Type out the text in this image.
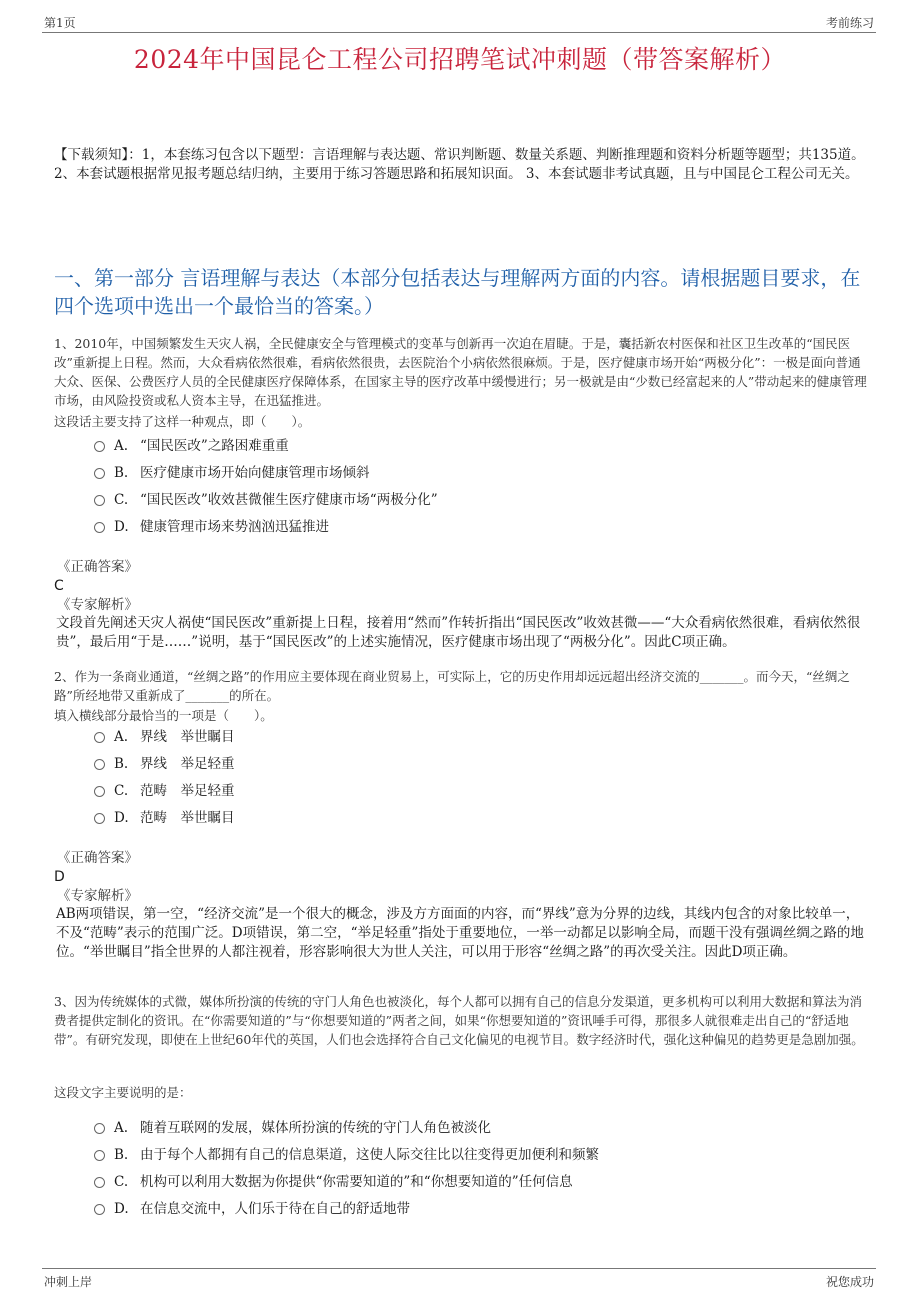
第1页	考前练习
2024年中国昆仑工程公司招聘笔试冲刺题（带答案解析）
【下载须知】：1，本套练习包含以下题型：言语理解与表达题、常识判断题、数量关系题、判断推理题和资料分析题等题型；共135道。 2、本套试题根据常见报考题总结归纳，主要用于练习答题思路和拓展知识面。 3、本套试题非考试真题，且与中国昆仑工程公司无关。
一、第一部分 言语理解与表达（本部分包括表达与理解两方面的内容。请根据题目要求，在四个选项中选出一个最恰当的答案。）
1、2010年，中国频繁发生天灾人祸，全民健康安全与管理模式的变革与创新再一次迫在眉睫。于是，囊括新农村医保和社区卫生改革的“国民医改”重新提上日程。然而，大众看病依然很难，看病依然很贵，去医院治个小病依然很麻烦。于是，医疗健康市场开始“两极分化”：一极是面向普通大众、医保、公费医疗人员的全民健康医疗保障体系，在国家主导的医疗改革中缓慢进行；另一极就是由“少数已经富起来的人”带动起来的健康管理市场，由风险投资或私人资本主导，在迅猛推进。
这段话主要支持了这样一种观点，即（　　）。
A. “国民医改”之路困难重重
B. 医疗健康市场开始向健康管理市场倾斜
C. “国民医改”收效甚微催生医疗健康市场“两极分化”
D. 健康管理市场来势汹汹迅猛推进
《正确答案》
C
《专家解析》
文段首先阐述天灾人祸使“国民医改”重新提上日程，接着用“然而”作转折指出“国民医改”收效甚微——“大众看病依然很难，看病依然很贵”，最后用“于是……”说明，基于“国民医改”的上述实施情况，医疗健康市场出现了“两极分化”。因此C项正确。
2、作为一条商业通道，“丝绸之路”的作用应主要体现在商业贸易上，可实际上，它的历史作用却远远超出经济交流的_______。而今天，“丝绸之路”所经地带又重新成了_______的所在。
填入横线部分最恰当的一项是（　　）。
A. 界线　举世瞩目
B. 界线　举足轻重
C. 范畴　举足轻重
D. 范畴　举世瞩目
《正确答案》
D
《专家解析》
AB两项错误，第一空，“经济交流”是一个很大的概念，涉及方方面面的内容，而“界线”意为分界的边线，其线内包含的对象比较单一，不及“范畴”表示的范围广泛。D项错误，第二空，“举足轻重”指处于重要地位，一举一动都足以影响全局，而题干没有强调丝绸之路的地位。“举世瞩目”指全世界的人都注视着，形容影响很大为世人关注，可以用于形容“丝绸之路”的再次受关注。因此D项正确。
3、因为传统媒体的式微，媒体所扮演的传统的守门人角色也被淡化，每个人都可以拥有自己的信息分发渠道，更多机构可以利用大数据和算法为消费者提供定制化的资讯。在“你需要知道的”与“你想要知道的”两者之间，如果“你想要知道的”资讯唾手可得，那很多人就很难走出自己的“舒适地带”。有研究发现，即使在上世纪60年代的英国，人们也会选择符合自己文化偏见的电视节目。数字经济时代，强化这种偏见的趋势更是急剧加强。
这段文字主要说明的是：
A. 随着互联网的发展，媒体所扮演的传统的守门人角色被淡化
B. 由于每个人都拥有自己的信息渠道，这使人际交往比以往变得更加便利和频繁
C. 机构可以利用大数据为你提供“你需要知道的”和“你想要知道的”任何信息
D. 在信息交流中，人们乐于待在自己的舒适地带
冲刺上岸	祝您成功
